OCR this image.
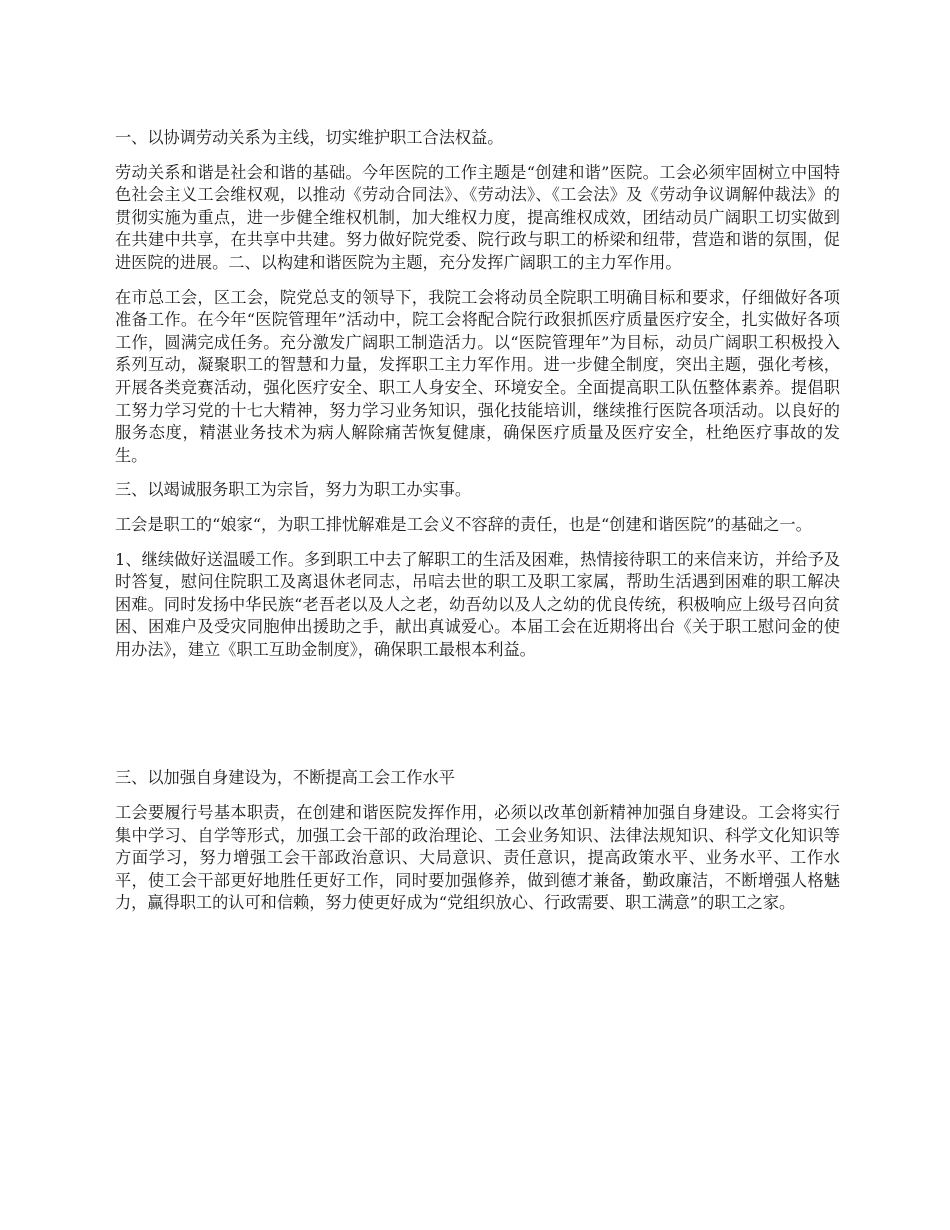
一、以协调劳动关系为主线，切实维护职工合法权益。

劳动关系和谐是社会和谐的基础。今年医院的工作主题是“创建和谐”医院。工会必须牢固树立中国特色社会主义工会维权观，以推动《劳动合同法》、《劳动法》、《工会法》及《劳动争议调解仲裁法》的贯彻实施为重点，进一步健全维权机制，加大维权力度，提高维权成效，团结动员广阔职工切实做到在共建中共享，在共享中共建。努力做好院党委、院行政与职工的桥梁和纽带，营造和谐的氛围，促进医院的进展。二、以构建和谐医院为主题，充分发挥广阔职工的主力军作用。

在市总工会，区工会，院党总支的领导下，我院工会将动员全院职工明确目标和要求，仔细做好各项准备工作。在今年“医院管理年”活动中，院工会将配合院行政狠抓医疗质量医疗安全，扎实做好各项工作，圆满完成任务。充分激发广阔职工制造活力。以“医院管理年”为目标，动员广阔职工积极投入系列互动，凝聚职工的智慧和力量，发挥职工主力军作用。进一步健全制度，突出主题，强化考核，开展各类竞赛活动，强化医疗安全、职工人身安全、环境安全。全面提高职工队伍整体素养。提倡职工努力学习党的十七大精神，努力学习业务知识，强化技能培训，继续推行医院各项活动。以良好的服务态度，精湛业务技术为病人解除痛苦恢复健康，确保医疗质量及医疗安全，杜绝医疗事故的发生。

三、以竭诚服务职工为宗旨，努力为职工办实事。

工会是职工的“娘家“，为职工排忧解难是工会义不容辞的责任，也是“创建和谐医院”的基础之一。

1、继续做好送温暖工作。多到职工中去了解职工的生活及困难，热情接待职工的来信来访，并给予及时答复，慰问住院职工及离退休老同志，吊唁去世的职工及职工家属，帮助生活遇到困难的职工解决困难。同时发扬中华民族“老吾老以及人之老，幼吾幼以及人之幼的优良传统，积极响应上级号召向贫困、困难户及受灾同胞伸出援助之手，献出真诚爱心。本届工会在近期将出台《关于职工慰问金的使用办法》，建立《职工互助金制度》，确保职工最根本利益。

三、以加强自身建设为，不断提高工会工作水平

工会要履行号基本职责，在创建和谐医院发挥作用，必须以改革创新精神加强自身建设。工会将实行集中学习、自学等形式，加强工会干部的政治理论、工会业务知识、法律法规知识、科学文化知识等方面学习，努力增强工会干部政治意识、大局意识、责任意识，提高政策水平、业务水平、工作水平，使工会干部更好地胜任更好工作，同时要加强修养，做到德才兼备，勤政廉洁，不断增强人格魅力，赢得职工的认可和信赖，努力使更好成为“党组织放心、行政需要、职工满意”的职工之家。
